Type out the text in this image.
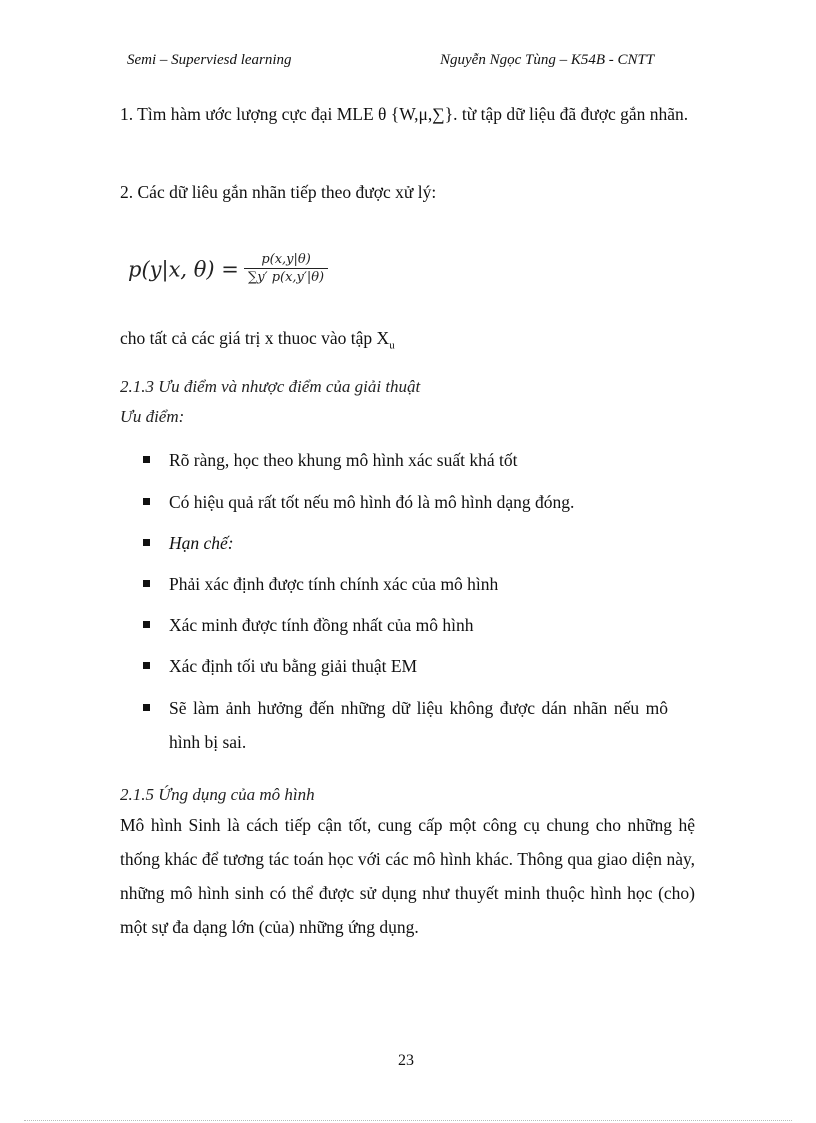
Semi – Superviesd learning	Nguyễn Ngọc Tùng – K54B - CNTT
1. Tìm hàm ước lượng cực đại MLE θ {W,μ,∑}. từ tập dữ liệu đã được gắn nhãn.
2. Các dữ liêu gắn nhãn tiếp theo được xử lý:
p(y|x, $\theta) = \frac{p(x,y|\theta)}{\sum y' p(x,y'|\theta)}$
cho tất cả các giá trị x thuoc vào tập $X_u$
2.1.3 Ưu điểm và nhược điểm của giải thuật
Ưu điểm:
Rõ ràng, học theo khung mô hình xác suất khá tốt
Có hiệu quả rất tốt nếu mô hình đó là mô hình dạng đóng.
Hạn chế:
Phải xác định được tính chính xác của mô hình
Xác minh được tính đồng nhất của mô hình
Xác định tối ưu bằng giải thuật EM
Sẽ làm ảnh hưởng đến những dữ liệu không được dán nhãn nếu mô hình bị sai.
2.1.5 Ứng dụng của mô hình
Mô hình Sinh là cách tiếp cận tốt, cung cấp một công cụ chung cho những hệ thống khác để tương tác toán học với các mô hình khác. Thông qua giao diện này, những mô hình sinh có thể được sử dụng như thuyết minh thuộc hình học (cho) một sự đa dạng lớn (của) những ứng dụng.
23
